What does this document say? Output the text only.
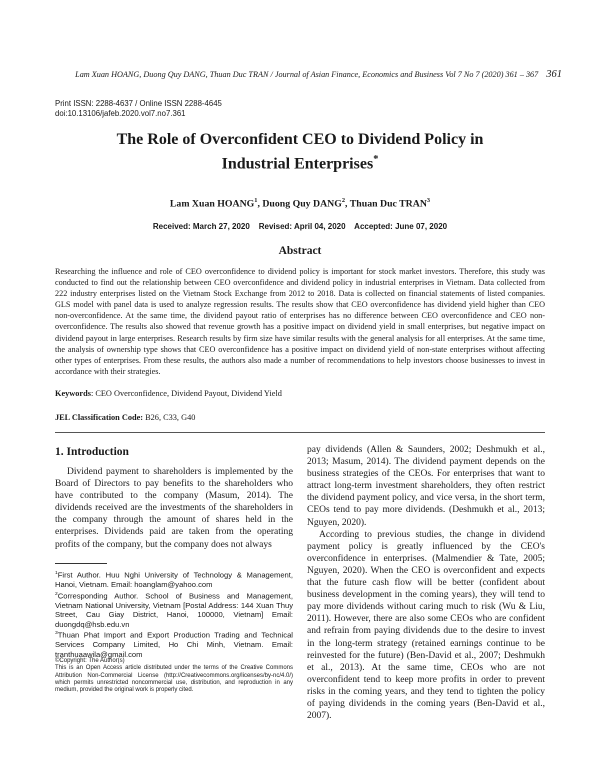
Lam Xuan HOANG, Duong Quy DANG, Thuan Duc TRAN / Journal of Asian Finance, Economics and Business Vol 7 No 7 (2020) 361 – 367 361
Print ISSN: 2288-4637 / Online ISSN 2288-4645
doi:10.13106/jafeb.2020.vol7.no7.361
The Role of Overconfident CEO to Dividend Policy in
Industrial Enterprises*
Lam Xuan HOANG$^1$, Duong Quy DANG$^2$, Thuan Duc TRAN$^3$
Received: March 27, 2020 Revised: April 04, 2020 Accepted: June 07, 2020
Abstract
Researching the influence and role of CEO overconfidence to dividend policy is important for stock market investors. Therefore, this study was conducted to find out the relationship between CEO overconfidence and dividend policy in industrial enterprises in Vietnam. Data collected from 222 industry enterprises listed on the Vietnam Stock Exchange from 2012 to 2018. Data is collected on financial statements of listed companies. GLS model with panel data is used to analyze regression results. The results show that CEO overconfidence has dividend yield higher than CEO non-overconfidence. At the same time, the dividend payout ratio of enterprises has no difference between CEO overconfidence and CEO non-overconfidence. The results also showed that revenue growth has a positive impact on dividend yield in small enterprises, but negative impact on dividend payout in large enterprises. Research results by firm size have similar results with the general analysis for all enterprises. At the same time, the analysis of ownership type shows that CEO overconfidence has a positive impact on dividend yield of non-state enterprises without affecting other types of enterprises. From these results, the authors also made a number of recommendations to help investors choose businesses to invest in accordance with their strategies.
Keywords: CEO Overconfidence, Dividend Payout, Dividend Yield
JEL Classification Code: B26, C33, G40
1. Introduction

Dividend payment to shareholders is implemented by the Board of Directors to pay benefits to the shareholders who have contributed to the company (Masum, 2014). The dividends received are the investments of the shareholders in the company through the amount of shares held in the enterprises. Dividends paid are taken from the operating profits of the company, but the company does not always

pay dividends (Allen & Saunders, 2002; Deshmukh et al., 2013; Masum, 2014). The dividend payment depends on the business strategies of the CEOs. For enterprises that want to attract long-term investment shareholders, they often restrict the dividend payment policy, and vice versa, in the short term, CEOs tend to pay more dividends. (Deshmukh et al., 2013; Nguyen, 2020).

According to previous studies, the change in dividend payment policy is greatly influenced by the CEO's overconfidence in enterprises. (Malmendier & Tate, 2005; Nguyen, 2020). When the CEO is overconfident and expects that the future cash flow will be better (confident about business development in the coming years), they will tend to pay more dividends without caring much to risk (Wu & Liu, 2011). However, there are also some CEOs who are confident and refrain from paying dividends due to the desire to invest in the long-term strategy (retained earnings continue to be reinvested for the future) (Ben-David et al., 2007; Deshmukh et al., 2013). At the same time, CEOs who are not overconfident tend to keep more profits in order to prevent risks in the coming years, and they tend to tighten the policy of paying dividends in the coming years (Ben-David et al., 2007).

$^1$First Author. Huu Nghi University of Technology & Management, Hanoi, Vietnam. Email: hoanglam@yahoo.com

$^2$Corresponding Author. School of Business and Management, Vietnam National University, Vietnam [Postal Address: 144 Xuan Thuy Street, Cau Giay District, Hanoi, 100000, Vietnam] Email: duongdq@hsb.edu.vn

$^3$Thuan Phat Import and Export Production Trading and Technical Services Company Limited, Ho Chi Minh, Vietnam. Email: tranthuaawila@gmail.com

©Copyright: The Author(s)

This is an Open Access article distributed under the terms of the Creative Commons Attribution Non-Commercial License (http://Creativecommons.org/licenses/by-nc/4.0/) which permits unrestricted noncommercial use, distribution, and reproduction in any medium, provided the original work is properly cited.
